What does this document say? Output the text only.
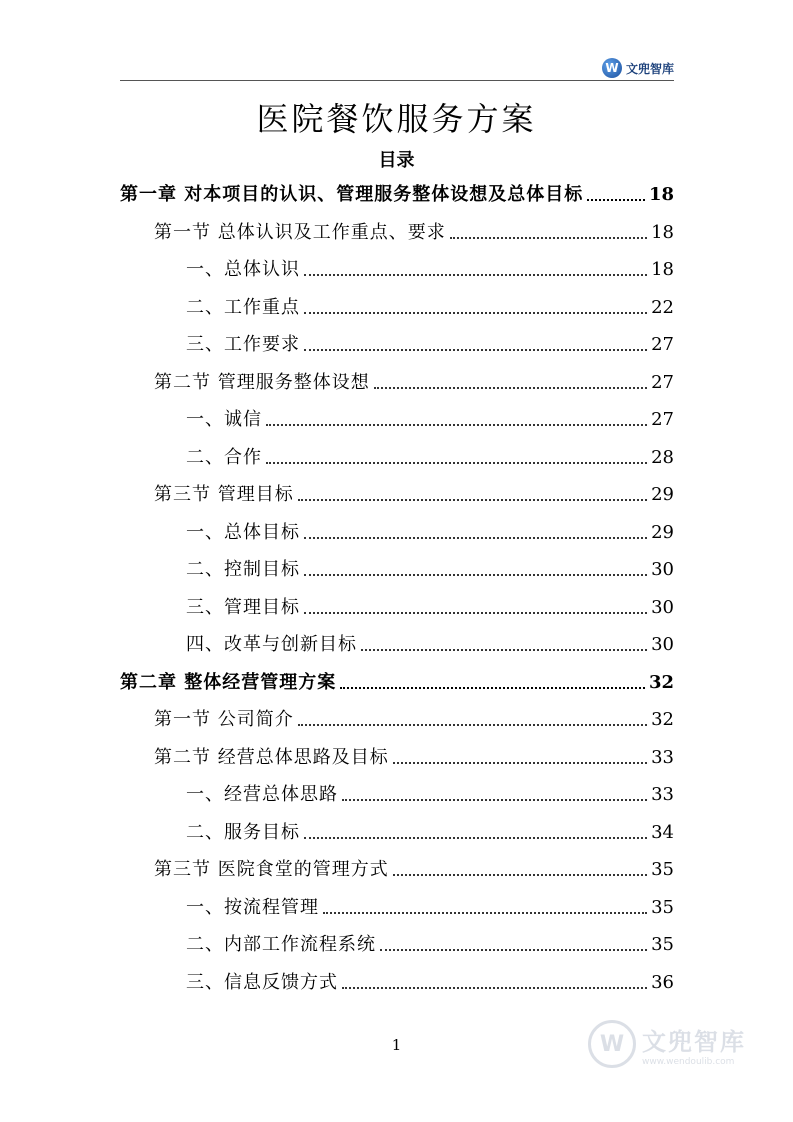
W 文兜智库
医院餐饮服务方案
目录
第一章 对本项目的认识、管理服务整体设想及总体目标	18
第一节 总体认识及工作重点、要求	18
一、总体认识	18
二、工作重点	22
三、工作要求	27
第二节 管理服务整体设想	27
一、诚信	27
二、合作	28
第三节 管理目标	29
一、总体目标	29
二、控制目标	30
三、管理目标	30
四、改革与创新目标	30
第二章 整体经营管理方案	32
第一节 公司简介	32
第二节 经营总体思路及目标	33
一、经营总体思路	33
二、服务目标	34
第三节 医院食堂的管理方式	35
一、按流程管理	35
二、内部工作流程系统	35
三、信息反馈方式	36
1	W 文兜智库
www.wendoulib.com
